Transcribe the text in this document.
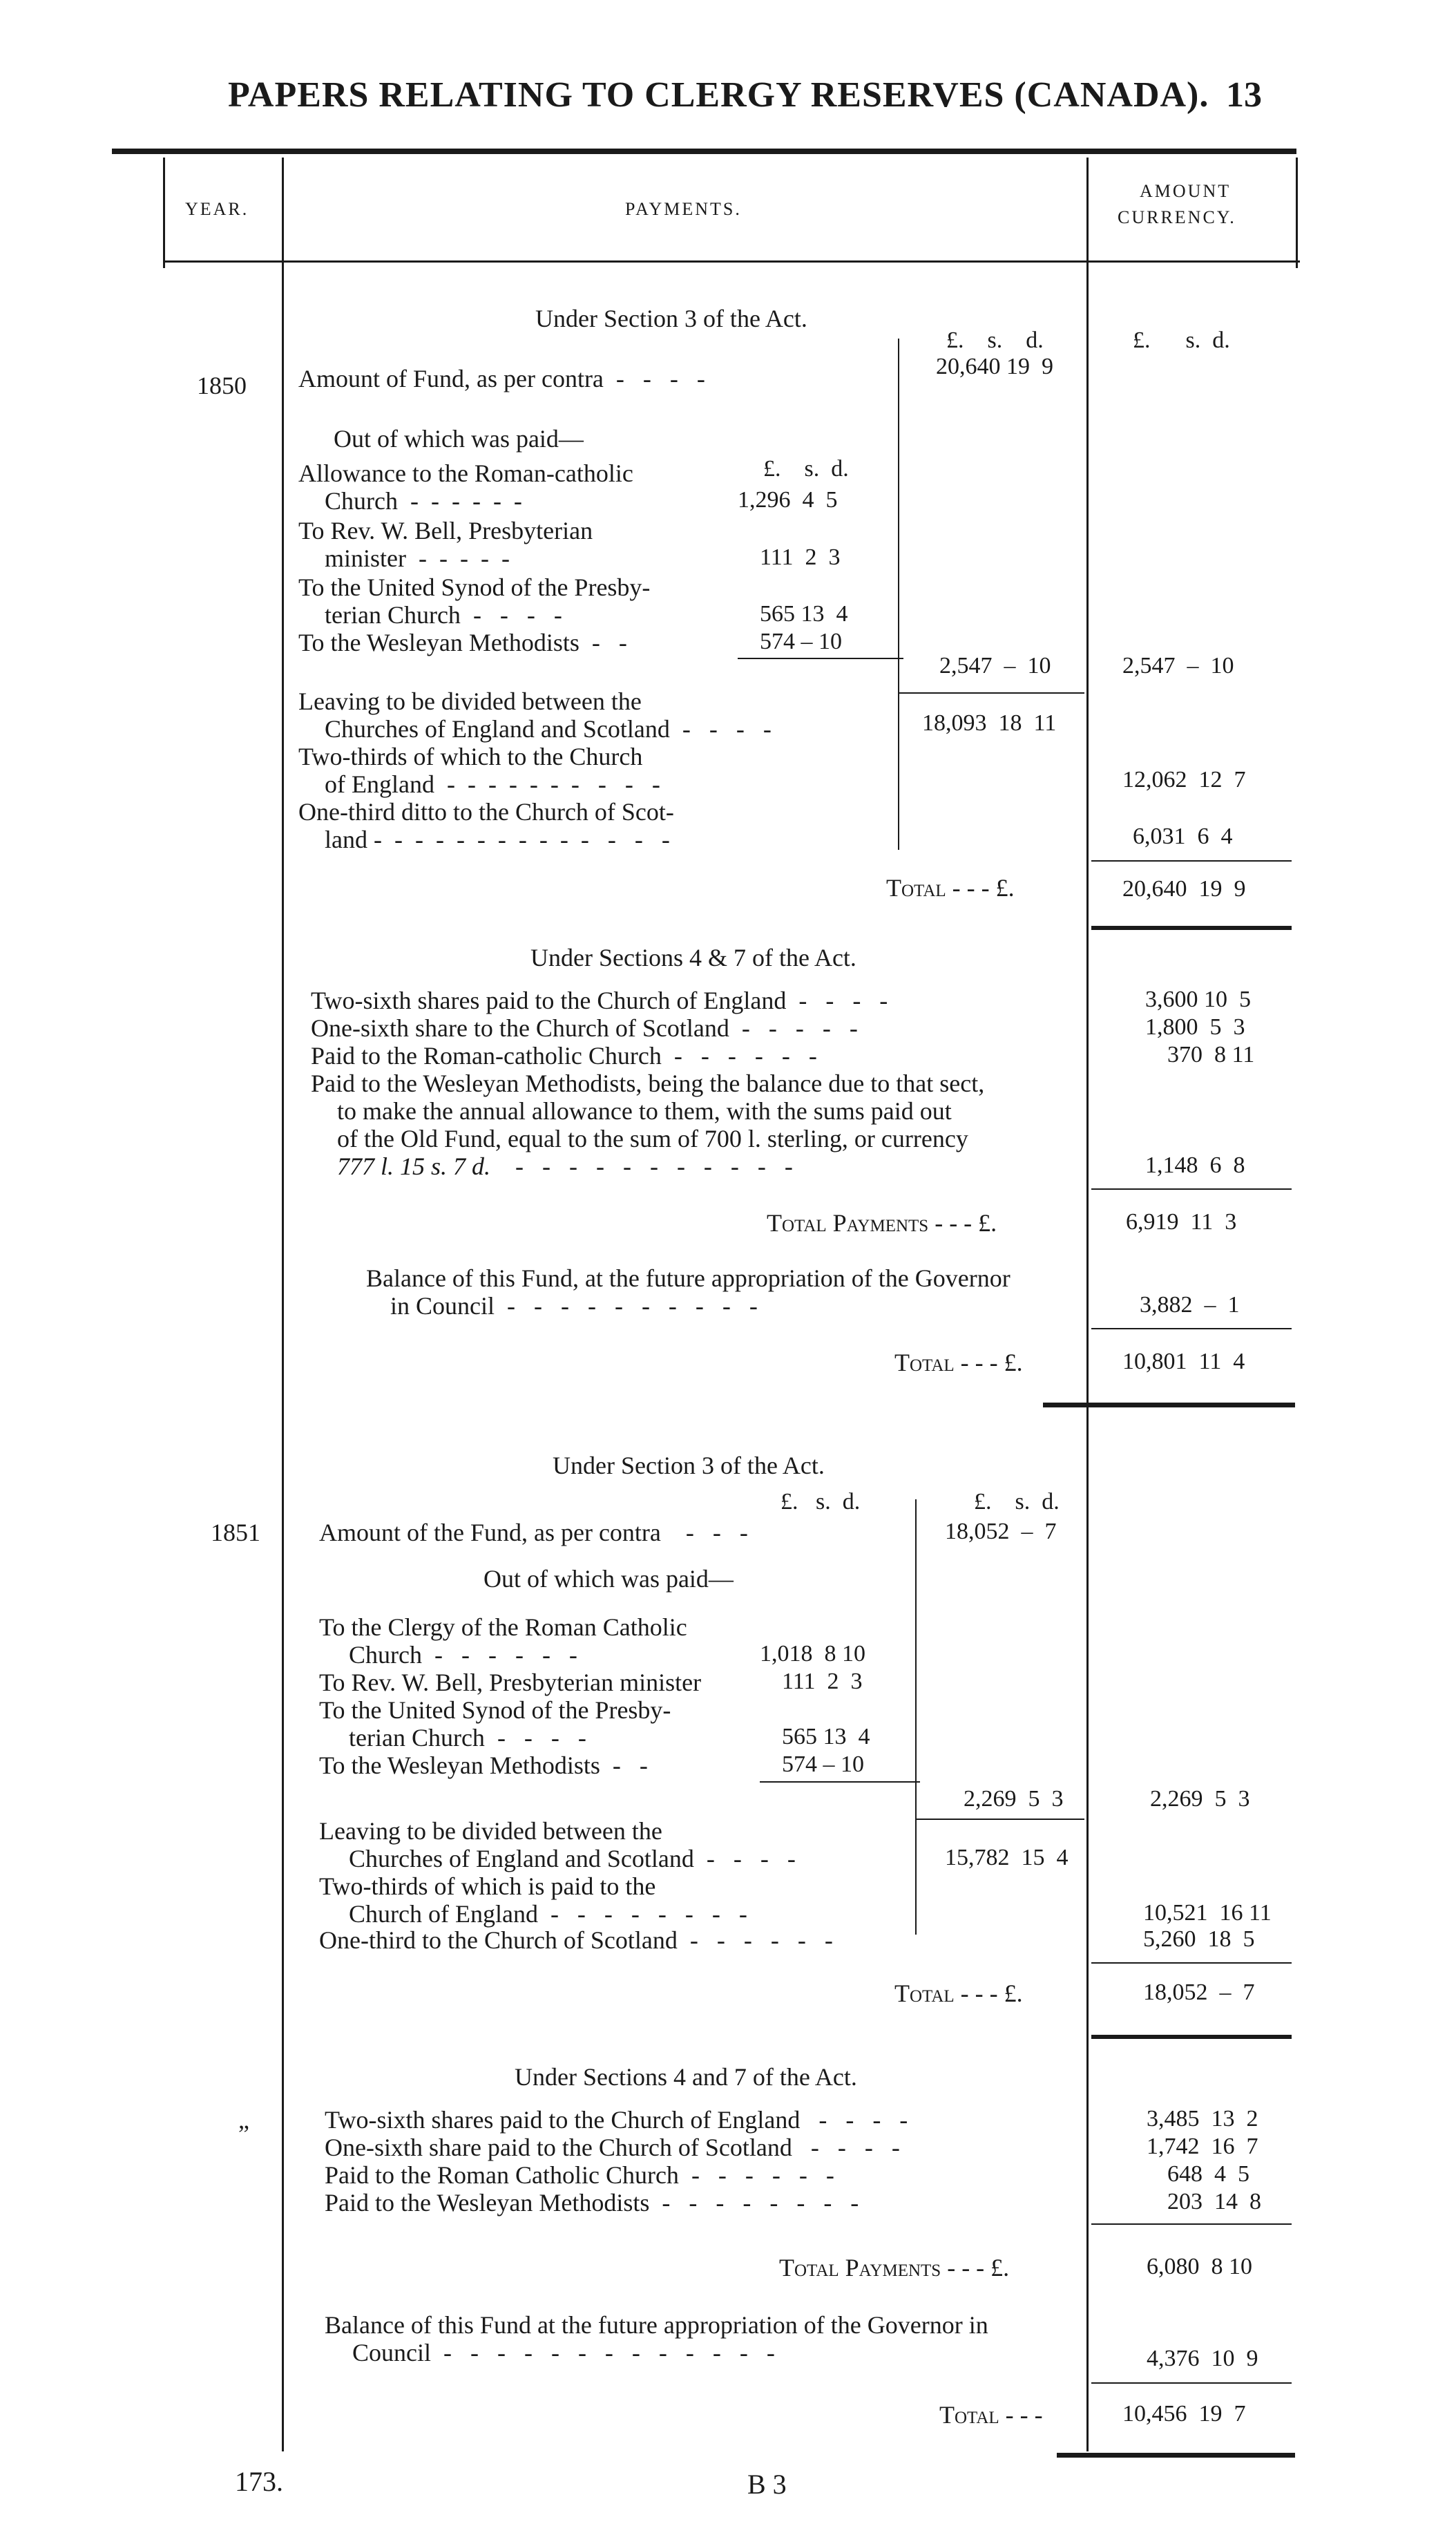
PAPERS RELATING TO CLERGY RESERVES (CANADA). 13
YEAR.	PAYMENTS.
AMOUNT
CURRENCY.
Under Section 3 of the Act.
£. s. d.	£. s. d.
1850 Amount of Fund, as per contra  -   -   -   -	20,640 19 9
Out of which was paid—
£. s. d.
Allowance to the Roman-catholic
Church  -  -  -  -  -  -	1,296 4 5
To Rev. W. Bell, Presbyterian
minister  -  -  -  -  -	111 2 3
To the United Synod of the Presby-
terian Church  -   -   -   -	565 13 4
To the Wesleyan Methodists  -   -	574 – 10
2,547 – 10	2,547 – 10
Leaving to be divided between the
Churches of England and Scotland  -   -   -   -	18,093 18 11
Two-thirds of which to the Church
of England  -  -  -  -  -  -  -   -   -   -	12,062 12 7
One-third ditto to the Church of Scot-
land -  -  -  -  -  -  -  -  -  -  -   -   -   -	6,031 6 4
Total - - - £.	20,640 19 9
Under Sections 4 & 7 of the Act.
Two-sixth shares paid to the Church of England  -   -   -   -	3,600 10 5
One-sixth share to the Church of Scotland  -   -   -   -   -	1,800 5 3
Paid to the Roman-catholic Church  -   -   -   -   -   -	370 8 11
Paid to the Wesleyan Methodists, being the balance due to that sect,
to make the annual allowance to them, with the sums paid out
of the Old Fund, equal to the sum of 700 l. sterling, or currency
777 l. 15 s. 7 d.    -   -   -   -   -   -   -   -   -   -   -	1,148 6 8
Total Payments - - - £.	6,919 11 3
Balance of this Fund, at the future appropriation of the Governor
in Council  -   -   -   -   -   -   -   -   -   -	3,882 – 1
Total - - - £.	10,801 11 4
Under Section 3 of the Act.
£. s. d.	£. s. d.
1851 Amount of the Fund, as per contra    -   -   -	18,052 – 7
Out of which was paid—
To the Clergy of the Roman Catholic
Church  -   -   -   -   -   -	1,018 8 10
To Rev. W. Bell, Presbyterian minister	111 2 3
To the United Synod of the Presby-
terian Church  -   -   -   -	565 13 4
To the Wesleyan Methodists  -   -	574 – 10
2,269 5 3	2,269 5 3
Leaving to be divided between the
Churches of England and Scotland  -   -   -   -	15,782 15 4
Two-thirds of which is paid to the
Church of England  -   -   -   -   -   -   -   -	10,521 16 11
One-third to the Church of Scotland  -   -   -   -   -   -	5,260 18 5
Total - - - £.	18,052 – 7
Under Sections 4 and 7 of the Act.
„	Two-sixth shares paid to the Church of England   -   -   -   -	3,485 13 2
One-sixth share paid to the Church of Scotland   -   -   -   -	1,742 16 7
Paid to the Roman Catholic Church  -   -   -   -   -   -	648 4 5
Paid to the Wesleyan Methodists  -   -   -   -   -   -   -   -	203 14 8
Total Payments - - - £.	6,080 8 10
Balance of this Fund at the future appropriation of the Governor in
Council  -   -   -   -   -   -   -   -   -   -   -   -   -	4,376 10 9
Total - - -	10,456 19 7
173.	B 3
